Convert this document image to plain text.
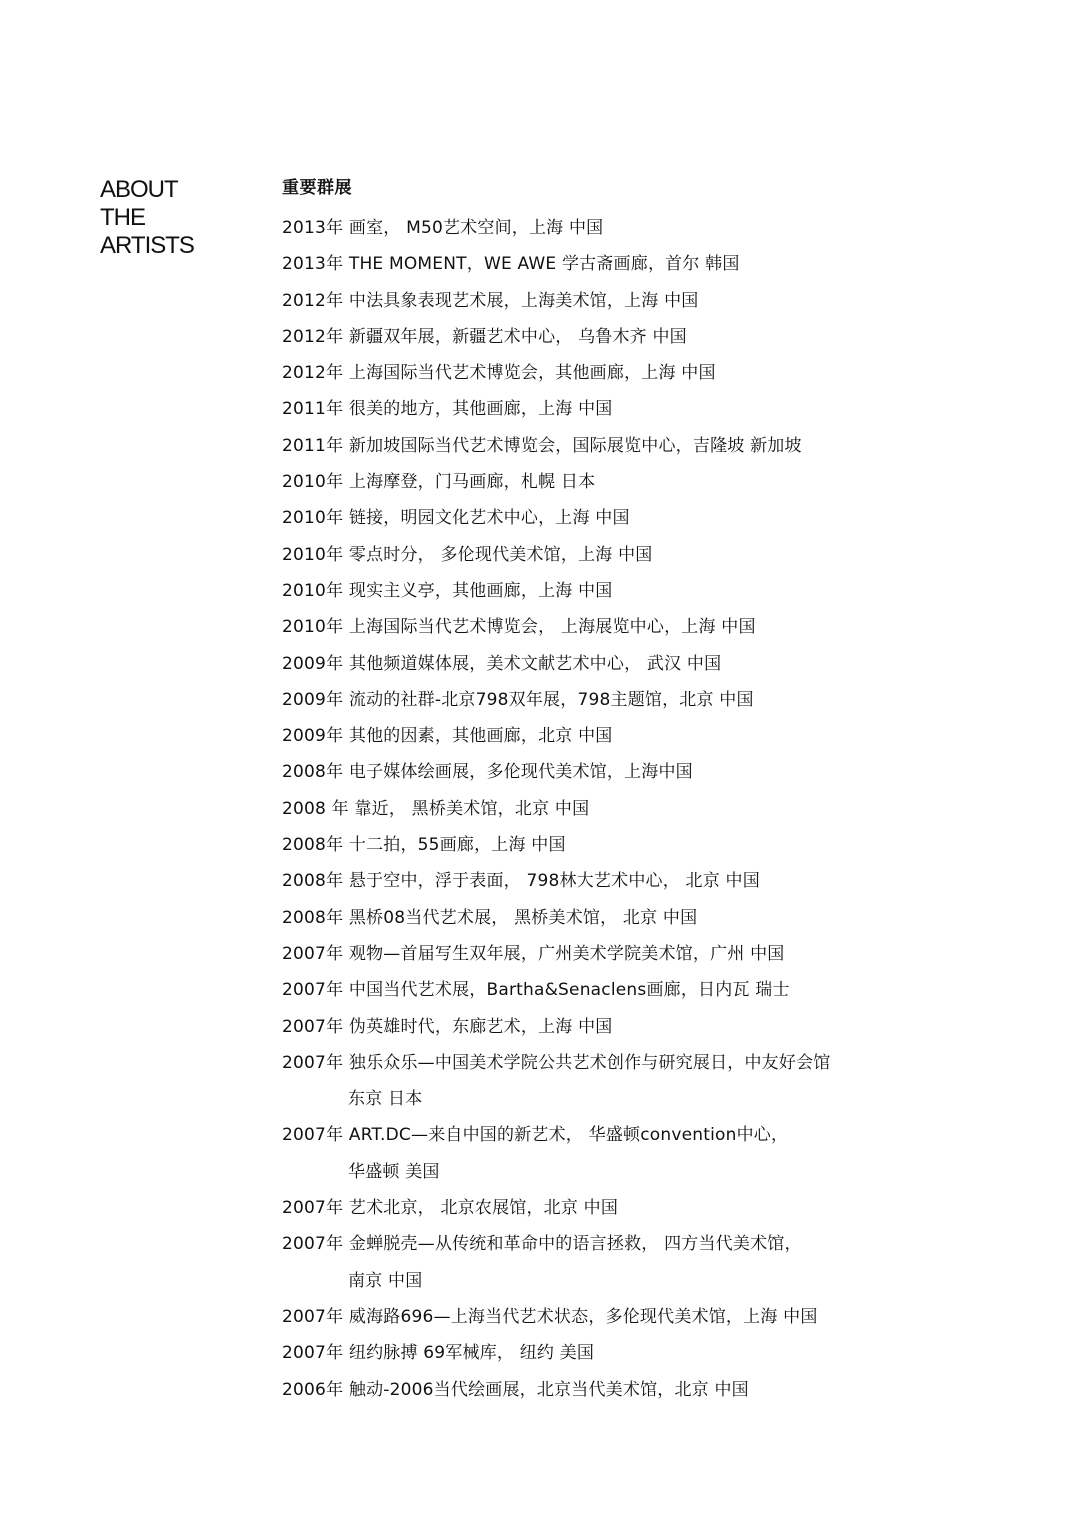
ABOUT
THE
ARTISTS
重要群展
2013年 画室， M50艺术空间，上海 中国
2013年 THE MOMENT，WE AWE 学古斋画廊，首尔 韩国
2012年 中法具象表现艺术展，上海美术馆，上海 中国
2012年 新疆双年展，新疆艺术中心， 乌鲁木齐 中国
2012年 上海国际当代艺术博览会，其他画廊，上海 中国
2011年 很美的地方，其他画廊，上海 中国
2011年 新加坡国际当代艺术博览会，国际展览中心，吉隆坡 新加坡
2010年 上海摩登，门马画廊，札幌 日本
2010年 链接，明园文化艺术中心，上海 中国
2010年 零点时分， 多伦现代美术馆，上海 中国
2010年 现实主义亭，其他画廊，上海 中国
2010年 上海国际当代艺术博览会， 上海展览中心，上海 中国
2009年 其他频道媒体展，美术文献艺术中心， 武汉 中国
2009年 流动的社群-北京798双年展，798主题馆，北京 中国
2009年 其他的因素，其他画廊，北京 中国
2008年 电子媒体绘画展，多伦现代美术馆，上海中国
2008 年 靠近， 黑桥美术馆，北京 中国
2008年 十二拍，55画廊，上海 中国
2008年 悬于空中，浮于表面， 798林大艺术中心， 北京 中国
2008年 黑桥08当代艺术展， 黑桥美术馆， 北京 中国
2007年 观物—首届写生双年展，广州美术学院美术馆，广州 中国
2007年 中国当代艺术展，Bartha&Senaclens画廊，日内瓦 瑞士
2007年 伪英雄时代，东廊艺术，上海 中国
2007年 独乐众乐—中国美术学院公共艺术创作与研究展日，中友好会馆
东京 日本
2007年 ART.DC—来自中国的新艺术， 华盛顿convention中心，
华盛顿 美国
2007年 艺术北京， 北京农展馆，北京 中国
2007年 金蝉脱壳—从传统和革命中的语言拯救， 四方当代美术馆，
南京 中国
2007年 威海路696—上海当代艺术状态，多伦现代美术馆，上海 中国
2007年 纽约脉搏 69军械库， 纽约 美国
2006年 触动-2006当代绘画展，北京当代美术馆，北京 中国
